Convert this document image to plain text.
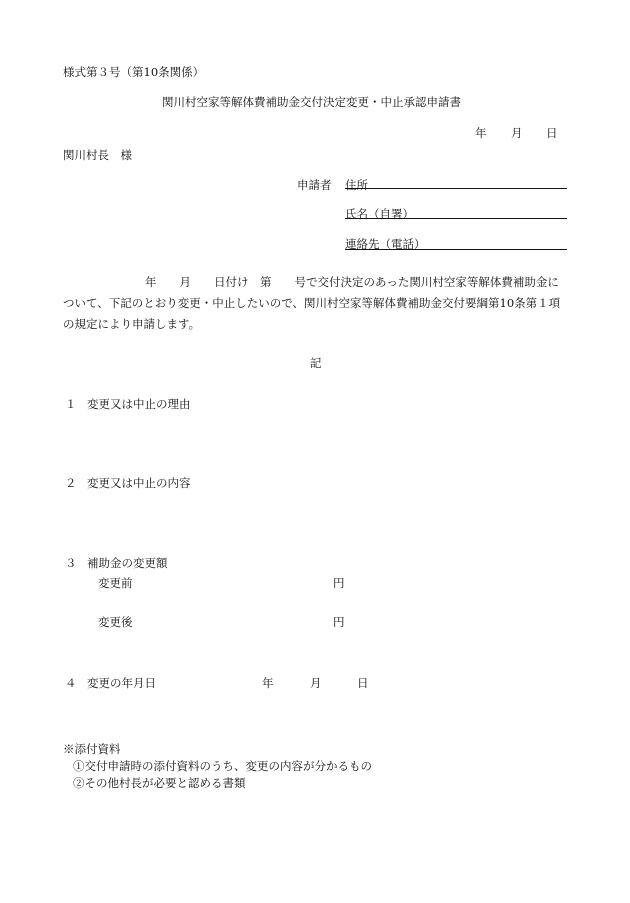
様式第３号（第10条関係）
関川村空家等解体費補助金交付決定変更・中止承認申請書
年 月 日
関川村長　様
申請者 住所
氏名（自署）
連絡先（電話）
年　　月　　日付け　第　　号で交付決定のあった関川村空家等解体費補助金に
ついて、下記のとおり変更・中止したいので、関川村空家等解体費補助金交付要綱第10条第１項
の規定により申請します。
記
１ 変更又は中止の理由
２ 変更又は中止の内容
３ 補助金の変更額
変更前	円
変更後	円
４ 変更の年月日	年	月	日
※添付資料
①交付申請時の添付資料のうち、変更の内容が分かるもの
②その他村長が必要と認める書類
